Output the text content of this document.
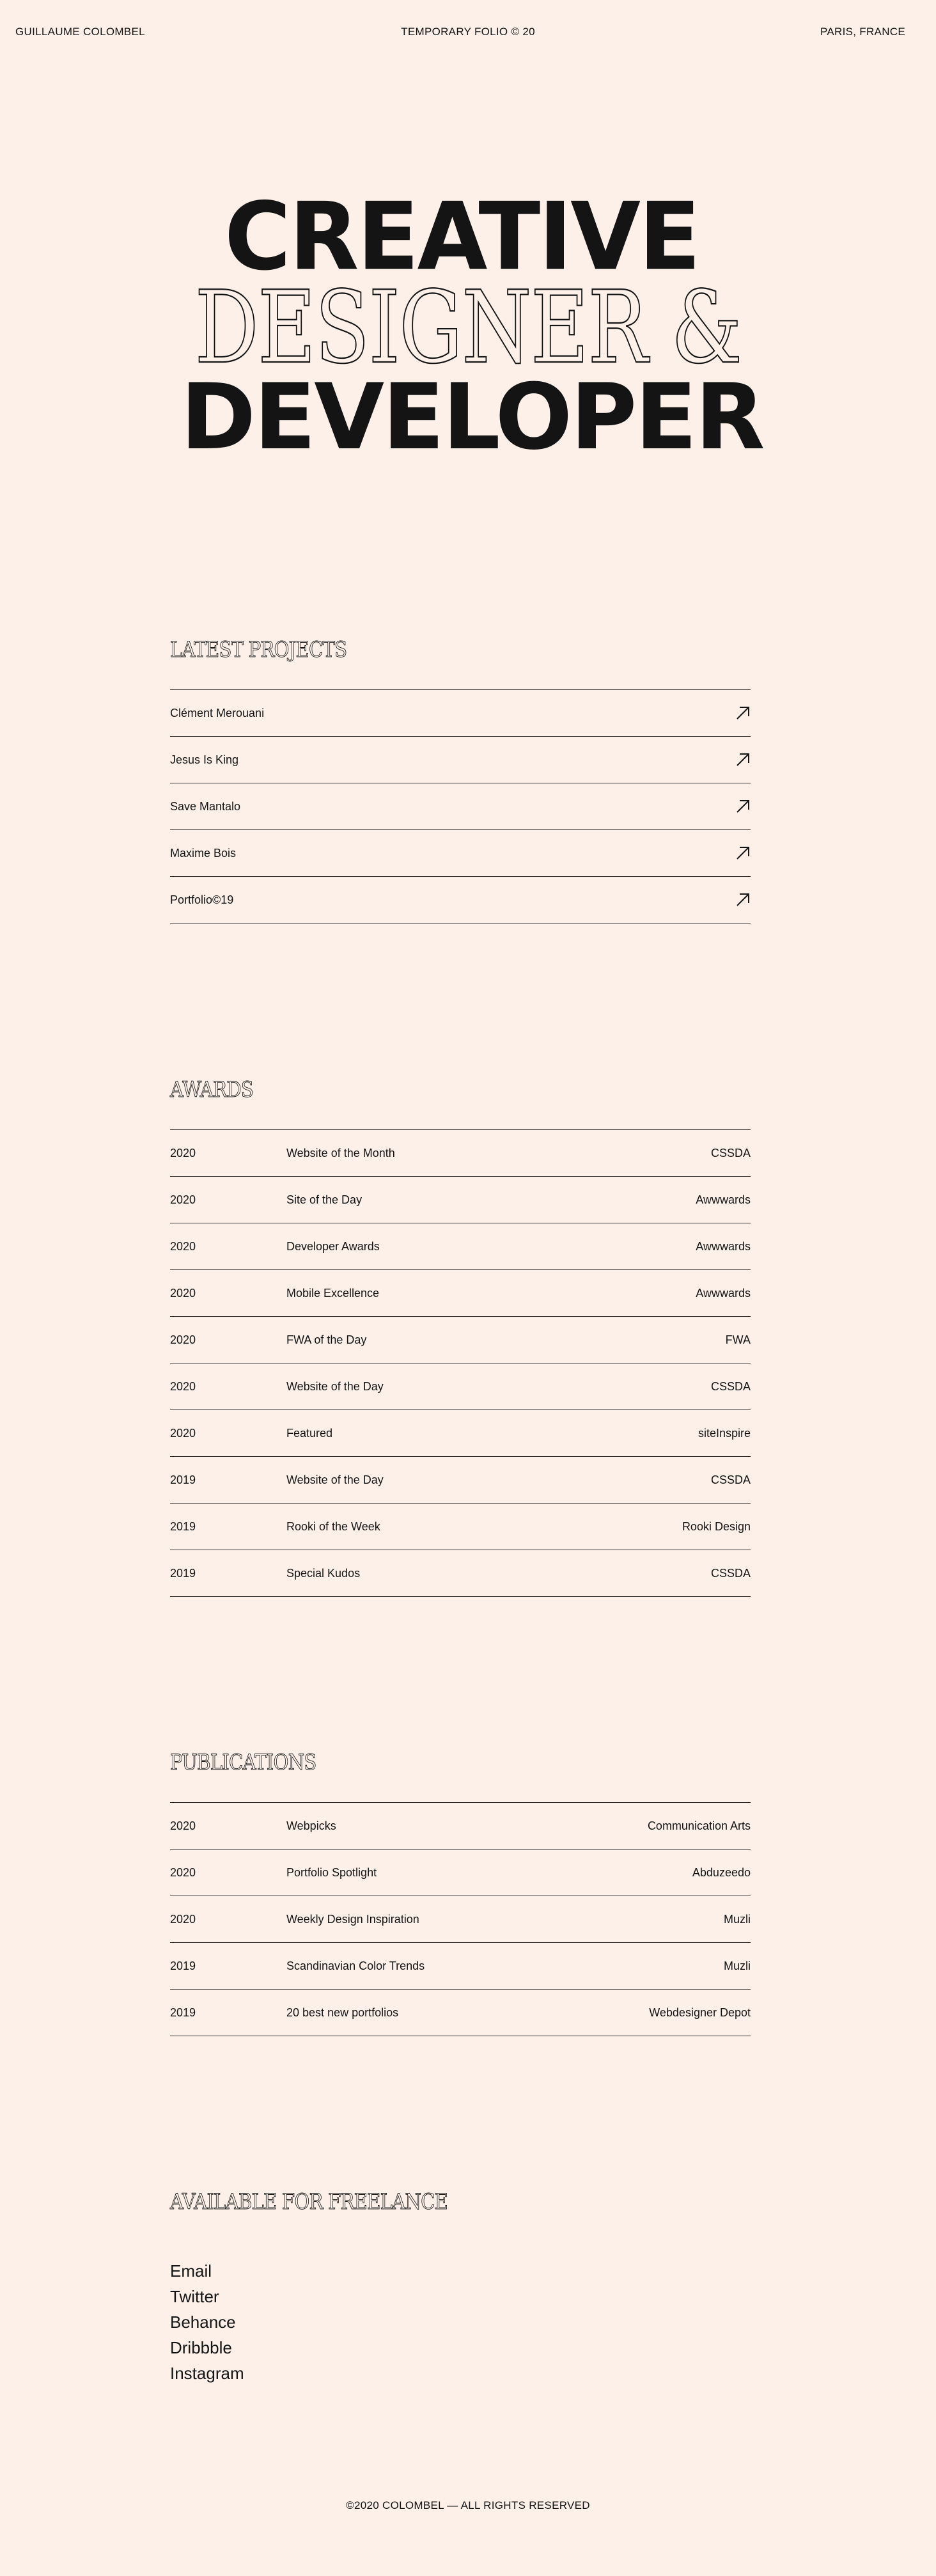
GUILLAUME COLOMBEL	TEMPORARY FOLIO © 20	PARIS, FRANCE
CREATIVE
DESIGNER &
DEVELOPER
LATEST PROJECTS
Clément Merouani
Jesus Is King
Save Mantalo
Maxime Bois
Portfolio©19
AWARDS
2020	Website of the Month	CSSDA
2020	Site of the Day	Awwwards
2020	Developer Awards	Awwwards
2020	Mobile Excellence	Awwwards
2020	FWA of the Day	FWA
2020	Website of the Day	CSSDA
2020	Featured	siteInspire
2019	Website of the Day	CSSDA
2019	Rooki of the Week	Rooki Design
2019	Special Kudos	CSSDA
PUBLICATIONS
2020	Webpicks	Communication Arts
2020	Portfolio Spotlight	Abduzeedo
2020	Weekly Design Inspiration	Muzli
2019	Scandinavian Color Trends	Muzli
2019	20 best new portfolios	Webdesigner Depot
AVAILABLE FOR FREELANCE
Email
Twitter
Behance
Dribbble
Instagram
©2020 COLOMBEL — ALL RIGHTS RESERVED
